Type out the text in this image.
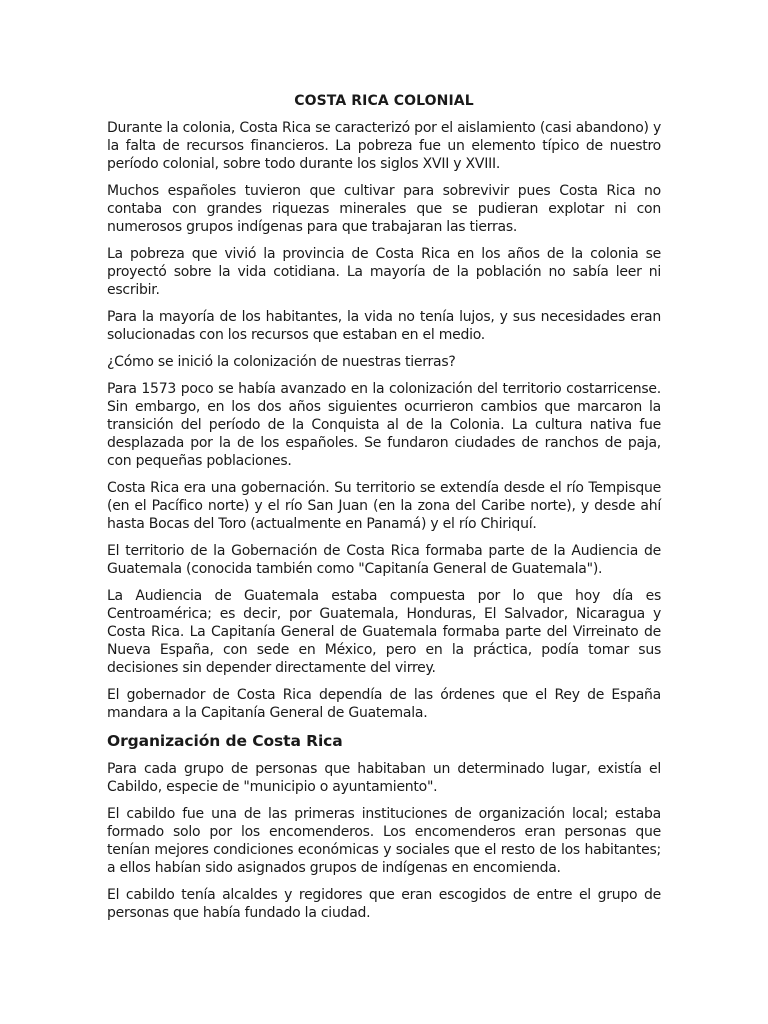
COSTA RICA COLONIAL

Durante la colonia, Costa Rica se caracterizó por el aislamiento (casi abandono) y la falta de recursos financieros. La pobreza fue un elemento típico de nuestro período colonial, sobre todo durante los siglos XVII y XVIII.

Muchos españoles tuvieron que cultivar para sobrevivir pues Costa Rica no contaba con grandes riquezas minerales que se pudieran explotar ni con numerosos grupos indígenas para que trabajaran las tierras.

La pobreza que vivió la provincia de Costa Rica en los años de la colonia se proyectó sobre la vida cotidiana. La mayoría de la población no sabía leer ni escribir.

Para la mayoría de los habitantes, la vida no tenía lujos, y sus necesidades eran solucionadas con los recursos que estaban en el medio.

¿Cómo se inició la colonización de nuestras tierras?

Para 1573 poco se había avanzado en la colonización del territorio costarricense. Sin embargo, en los dos años siguientes ocurrieron cambios que marcaron la transición del período de la Conquista al de la Colonia. La cultura nativa fue desplazada por la de los españoles. Se fundaron ciudades de ranchos de paja, con pequeñas poblaciones.

Costa Rica era una gobernación. Su territorio se extendía desde el río Tempisque (en el Pacífico norte) y el río San Juan (en la zona del Caribe norte), y desde ahí hasta Bocas del Toro (actualmente en Panamá) y el río Chiriquí.

El territorio de la Gobernación de Costa Rica formaba parte de la Audiencia de Guatemala (conocida también como "Capitanía General de Guatemala").

La Audiencia de Guatemala estaba compuesta por lo que hoy día es Centroamérica; es decir, por Guatemala, Honduras, El Salvador, Nicaragua y Costa Rica. La Capitanía General de Guatemala formaba parte del Virreinato de Nueva España, con sede en México, pero en la práctica, podía tomar sus decisiones sin depender directamente del virrey.

El gobernador de Costa Rica dependía de las órdenes que el Rey de España mandara a la Capitanía General de Guatemala.

Organización de Costa Rica

Para cada grupo de personas que habitaban un determinado lugar, existía el Cabildo, especie de "municipio o ayuntamiento".

El cabildo fue una de las primeras instituciones de organización local; estaba formado solo por los encomenderos. Los encomenderos eran personas que tenían mejores condiciones económicas y sociales que el resto de los habitantes; a ellos habían sido asignados grupos de indígenas en encomienda.

El cabildo tenía alcaldes y regidores que eran escogidos de entre el grupo de personas que había fundado la ciudad.
